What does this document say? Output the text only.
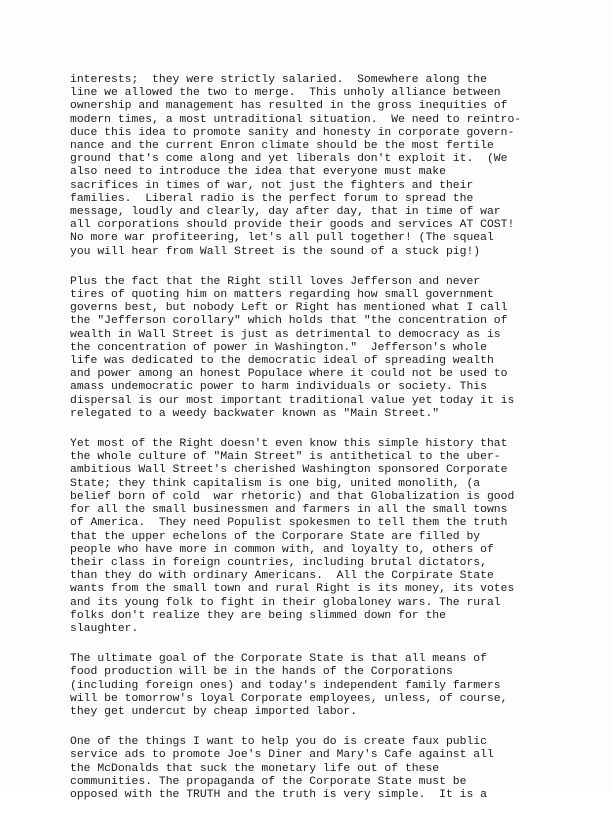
interests;  they were strictly salaried.  Somewhere along the
line we allowed the two to merge.  This unholy alliance between
ownership and management has resulted in the gross inequities of
modern times, a most untraditional situation.  We need to reintro-
duce this idea to promote sanity and honesty in corporate govern-
nance and the current Enron climate should be the most fertile
ground that's come along and yet liberals don't exploit it.  (We
also need to introduce the idea that everyone must make
sacrifices in times of war, not just the fighters and their
families.  Liberal radio is the perfect forum to spread the
message, loudly and clearly, day after day, that in time of war
all corporations should provide their goods and services AT COST!
No more war profiteering, let's all pull together! (The squeal
you will hear from Wall Street is the sound of a stuck pig!)
Plus the fact that the Right still loves Jefferson and never
tires of quoting him on matters regarding how small government
governs best, but nobody Left or Right has mentioned what I call
the "Jefferson corollary" which holds that "the concentration of
wealth in Wall Street is just as detrimental to democracy as is
the concentration of power in Washington."  Jefferson's whole
life was dedicated to the democratic ideal of spreading wealth
and power among an honest Populace where it could not be used to
amass undemocratic power to harm individuals or society. This
dispersal is our most important traditional value yet today it is
relegated to a weedy backwater known as "Main Street."
Yet most of the Right doesn't even know this simple history that
the whole culture of "Main Street" is antithetical to the uber-
ambitious Wall Street's cherished Washington sponsored Corporate
State; they think capitalism is one big, united monolith, (a
belief born of cold  war rhetoric) and that Globalization is good
for all the small businessmen and farmers in all the small towns
of America.  They need Populist spokesmen to tell them the truth
that the upper echelons of the Corporare State are filled by
people who have more in common with, and loyalty to, others of
their class in foreign countries, including brutal dictators,
than they do with ordinary Americans.  All the Corpirate State
wants from the small town and rural Right is its money, its votes
and its young folk to fight in their globaloney wars. The rural
folks don't realize they are being slimmed down for the
slaughter.
The ultimate goal of the Corporate State is that all means of
food production will be in the hands of the Corporations
(including foreign ones) and today's independent family farmers
will be tomorrow's loyal Corporate employees, unless, of course,
they get undercut by cheap imported labor.
One of the things I want to help you do is create faux public
service ads to promote Joe's Diner and Mary's Cafe against all
the McDonalds that suck the monetary life out of these
communities. The propaganda of the Corporate State must be
opposed with the TRUTH and the truth is very simple.  It is a
